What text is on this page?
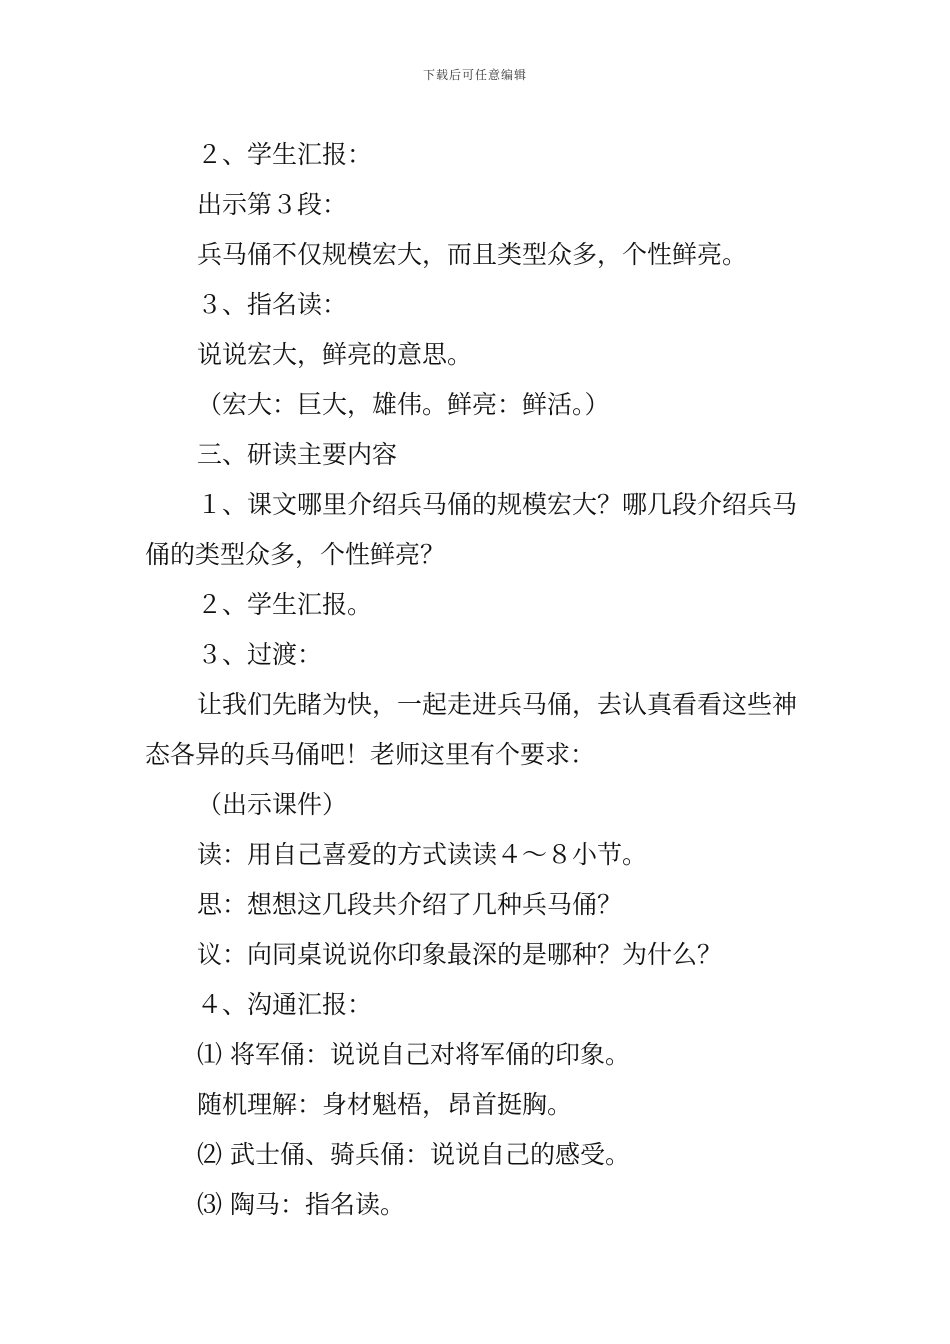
下载后可任意编辑
２、学生汇报：
出示第３段：
兵马俑不仅规模宏大，而且类型众多，个性鲜亮。
３、指名读：
说说宏大，鲜亮的意思。
（宏大：巨大，雄伟。鲜亮：鲜活。）
三、研读主要内容
１、课文哪里介绍兵马俑的规模宏大？哪几段介绍兵马俑的类型众多，个性鲜亮？
２、学生汇报。
３、过渡：
让我们先睹为快，一起走进兵马俑，去认真看看这些神态各异的兵马俑吧！老师这里有个要求：
（出示课件）
读：用自己喜爱的方式读读４～８小节。
思：想想这几段共介绍了几种兵马俑？
议：向同桌说说你印象最深的是哪种？为什么？
４、沟通汇报：
⑴ 将军俑：说说自己对将军俑的印象。
随机理解：身材魁梧，昂首挺胸。
⑵ 武士俑、骑兵俑：说说自己的感受。
⑶ 陶马：指名读。
